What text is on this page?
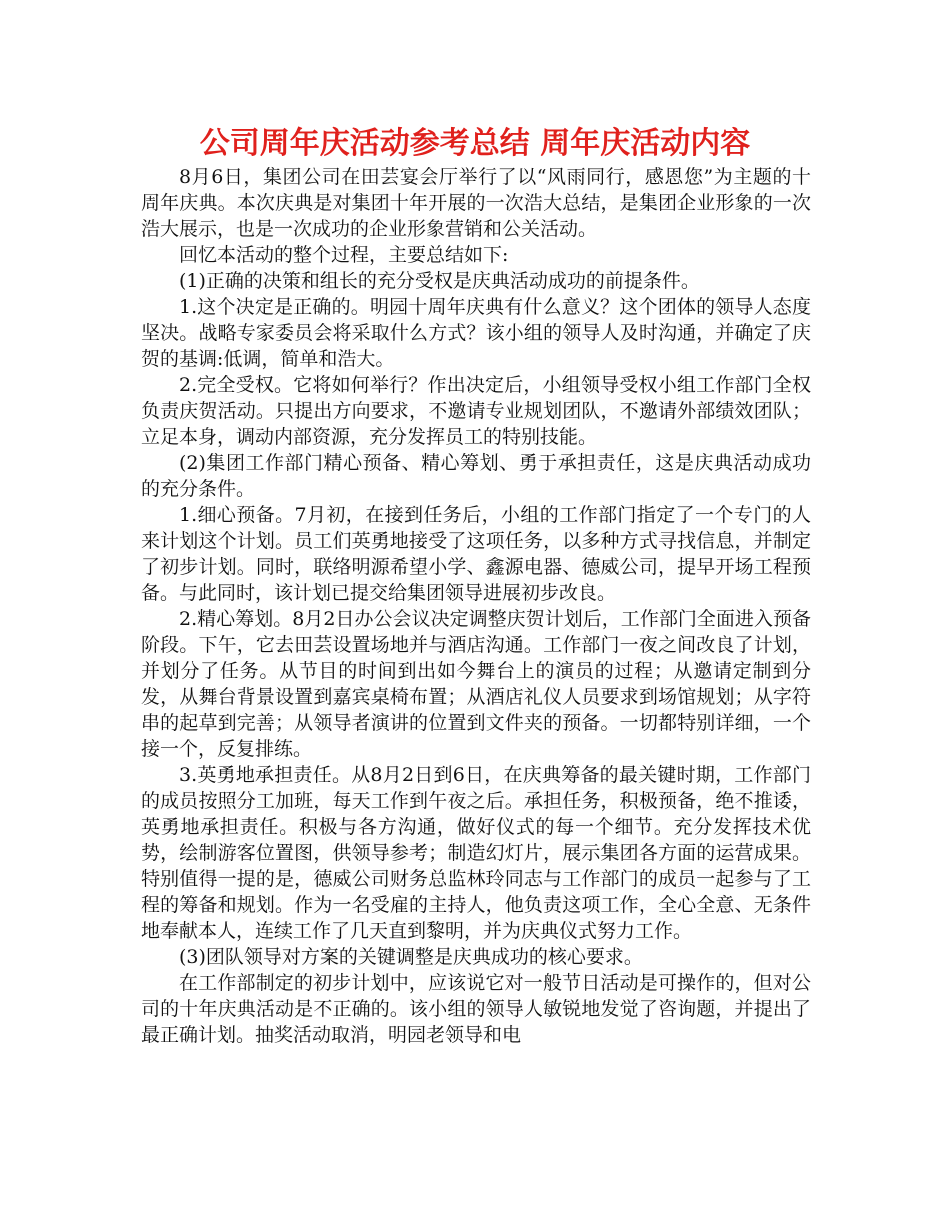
公司周年庆活动参考总结 周年庆活动内容

8月6日，集团公司在田芸宴会厅举行了以“风雨同行，感恩您”为主题的十周年庆典。本次庆典是对集团十年开展的一次浩大总结，是集团企业形象的一次浩大展示，也是一次成功的企业形象营销和公关活动。

回忆本活动的整个过程，主要总结如下:

(1)正确的决策和组长的充分受权是庆典活动成功的前提条件。

1.这个决定是正确的。明园十周年庆典有什么意义？这个团体的领导人态度坚决。战略专家委员会将采取什么方式？该小组的领导人及时沟通，并确定了庆贺的基调:低调，简单和浩大。

2.完全受权。它将如何举行？作出决定后，小组领导受权小组工作部门全权负责庆贺活动。只提出方向要求，不邀请专业规划团队，不邀请外部绩效团队；立足本身，调动内部资源，充分发挥员工的特别技能。

(2)集团工作部门精心预备、精心筹划、勇于承担责任，这是庆典活动成功的充分条件。

1.细心预备。7月初，在接到任务后，小组的工作部门指定了一个专门的人来计划这个计划。员工们英勇地接受了这项任务，以多种方式寻找信息，并制定了初步计划。同时，联络明源希望小学、鑫源电器、德威公司，提早开场工程预备。与此同时，该计划已提交给集团领导进展初步改良。

2.精心筹划。8月2日办公会议决定调整庆贺计划后，工作部门全面进入预备阶段。下午，它去田芸设置场地并与酒店沟通。工作部门一夜之间改良了计划，并划分了任务。从节目的时间到出如今舞台上的演员的过程；从邀请定制到分发，从舞台背景设置到嘉宾桌椅布置；从酒店礼仪人员要求到场馆规划；从字符串的起草到完善；从领导者演讲的位置到文件夹的预备。一切都特别详细，一个接一个，反复排练。

3.英勇地承担责任。从8月2日到6日，在庆典筹备的最关键时期，工作部门的成员按照分工加班，每天工作到午夜之后。承担任务，积极预备，绝不推诿，英勇地承担责任。积极与各方沟通，做好仪式的每一个细节。充分发挥技术优势，绘制游客位置图，供领导参考；制造幻灯片，展示集团各方面的运营成果。特别值得一提的是，德威公司财务总监林玲同志与工作部门的成员一起参与了工程的筹备和规划。作为一名受雇的主持人，他负责这项工作，全心全意、无条件地奉献本人，连续工作了几天直到黎明，并为庆典仪式努力工作。

(3)团队领导对方案的关键调整是庆典成功的核心要求。

在工作部制定的初步计划中，应该说它对一般节日活动是可操作的，但对公司的十年庆典活动是不正确的。该小组的领导人敏锐地发觉了咨询题，并提出了最正确计划。抽奖活动取消，明园老领导和电
